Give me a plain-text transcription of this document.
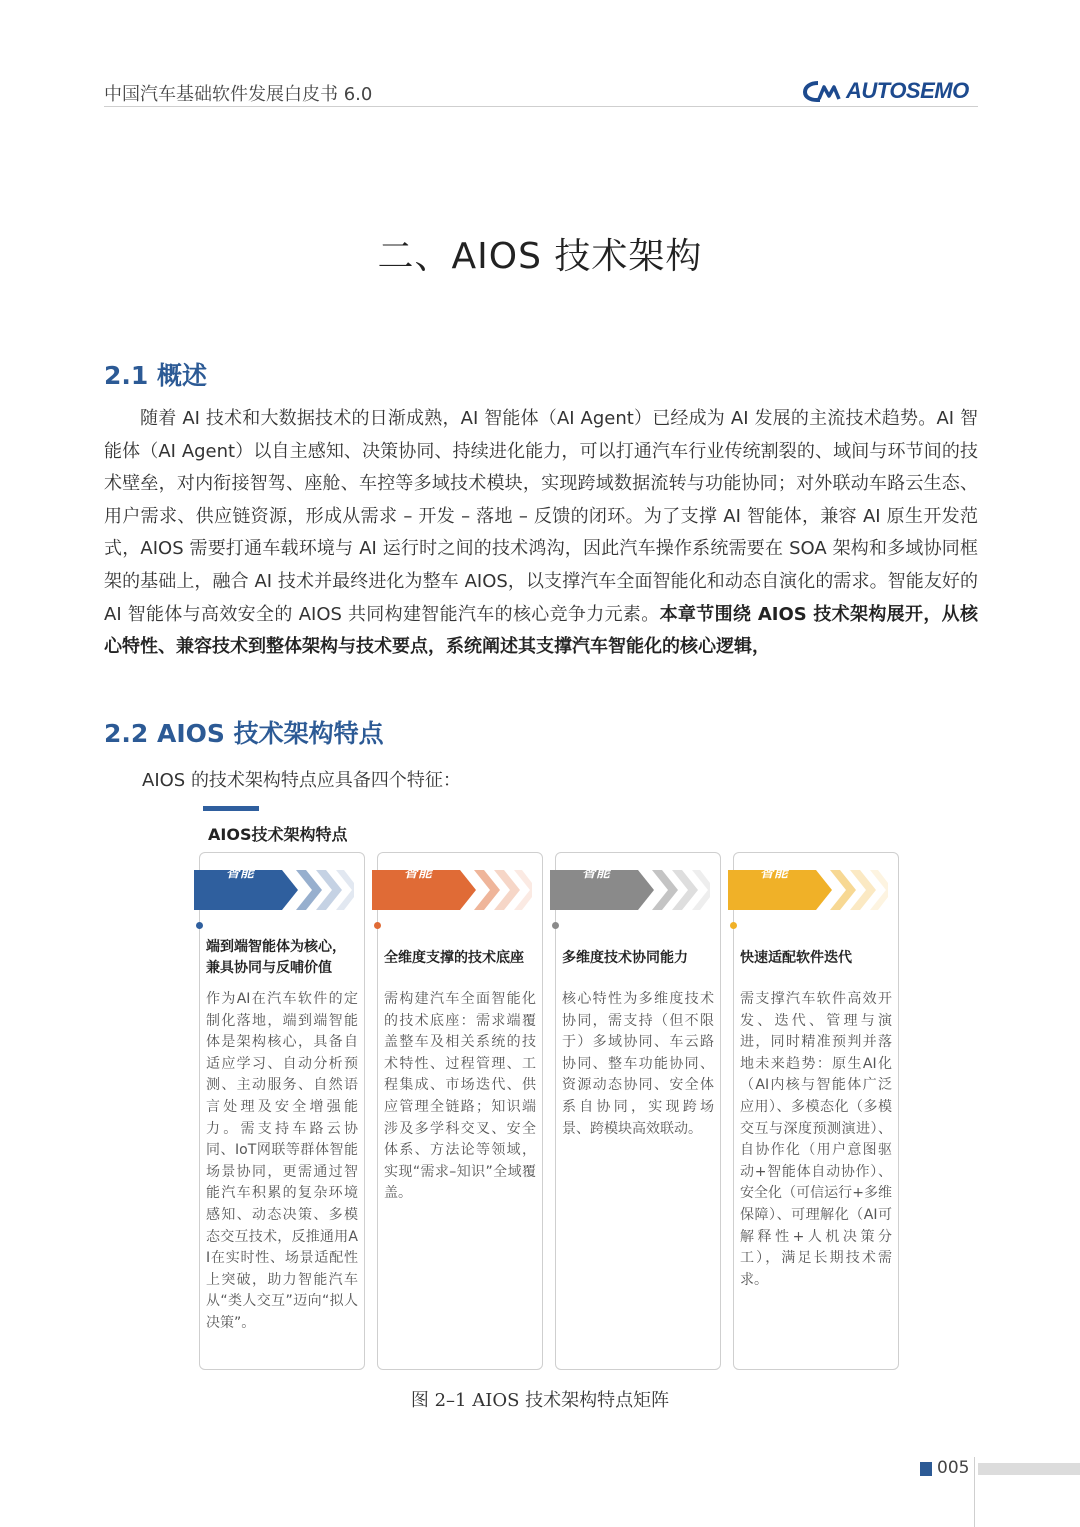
中国汽车基础软件发展白皮书 6.0	AUTOSEMO
二、AIOS 技术架构
2.1 概述

随着 AI 技术和大数据技术的日渐成熟，AI 智能体（AI Agent）已经成为 AI 发展的主流技术趋势。AI 智能体（AI Agent）以自主感知、决策协同、持续进化能力，可以打通汽车行业传统割裂的、域间与环节间的技术壁垒，对内衔接智驾、座舱、车控等多域技术模块，实现跨域数据流转与功能协同；对外联动车路云生态、用户需求、供应链资源，形成从需求 – 开发 – 落地 – 反馈的闭环。为了支撑 AI 智能体，兼容 AI 原生开发范式，AIOS 需要打通车载环境与 AI 运行时之间的技术鸿沟，因此汽车操作系统需要在 SOA 架构和多域协同框架的基础上，融合 AI 技术并最终进化为整车 AIOS，以支撑汽车全面智能化和动态自演化的需求。智能友好的 AI 智能体与高效安全的 AIOS 共同构建智能汽车的核心竞争力元素。本章节围绕 AIOS 技术架构展开，从核心特性、兼容技术到整体架构与技术要点，系统阐述其支撑汽车智能化的核心逻辑，

2.2 AIOS 技术架构特点
AIOS 的技术架构特点应具备四个特征：
AIOS技术架构特点
智能
端到端智能体为核心，兼具协同与反哺价值
作为AI在汽车软件的定制化落地，端到端智能体是架构核心，具备自适应学习、自动分析预测、主动服务、自然语言处理及安全增强能力。需支持车路云协同、IoT网联等群体智能场景协同，更需通过智能汽车积累的复杂环境感知、动态决策、多模态交互技术，反推通用AI在实时性、场景适配性上突破，助力智能汽车从“类人交互”迈向“拟人决策”。
智能
全维度支撑的技术底座
需构建汽车全面智能化的技术底座：需求端覆盖整车及相关系统的技术特性、过程管理、工程集成、市场迭代、供应管理全链路；知识端涉及多学科交叉、安全体系、方法论等领域，实现“需求–知识”全域覆盖。
智能
多维度技术协同能力
核心特性为多维度技术协同，需支持（但不限于）多域协同、车云路协同、整车功能协同、资源动态协同、安全体系自协同，实现跨场景、跨模块高效联动。
智能
快速适配软件迭代
需支撑汽车软件高效开发、迭代、管理与演进，同时精准预判并落地未来趋势：原生AI化（AI内核与智能体广泛应用）、多模态化（多模交互与深度预测演进）、自协作化（用户意图驱动+智能体自动协作）、安全化（可信运行+多维保障）、可理解化（AI可解释性+人机决策分工），满足长期技术需求。
图 2–1 AIOS 技术架构特点矩阵
005
